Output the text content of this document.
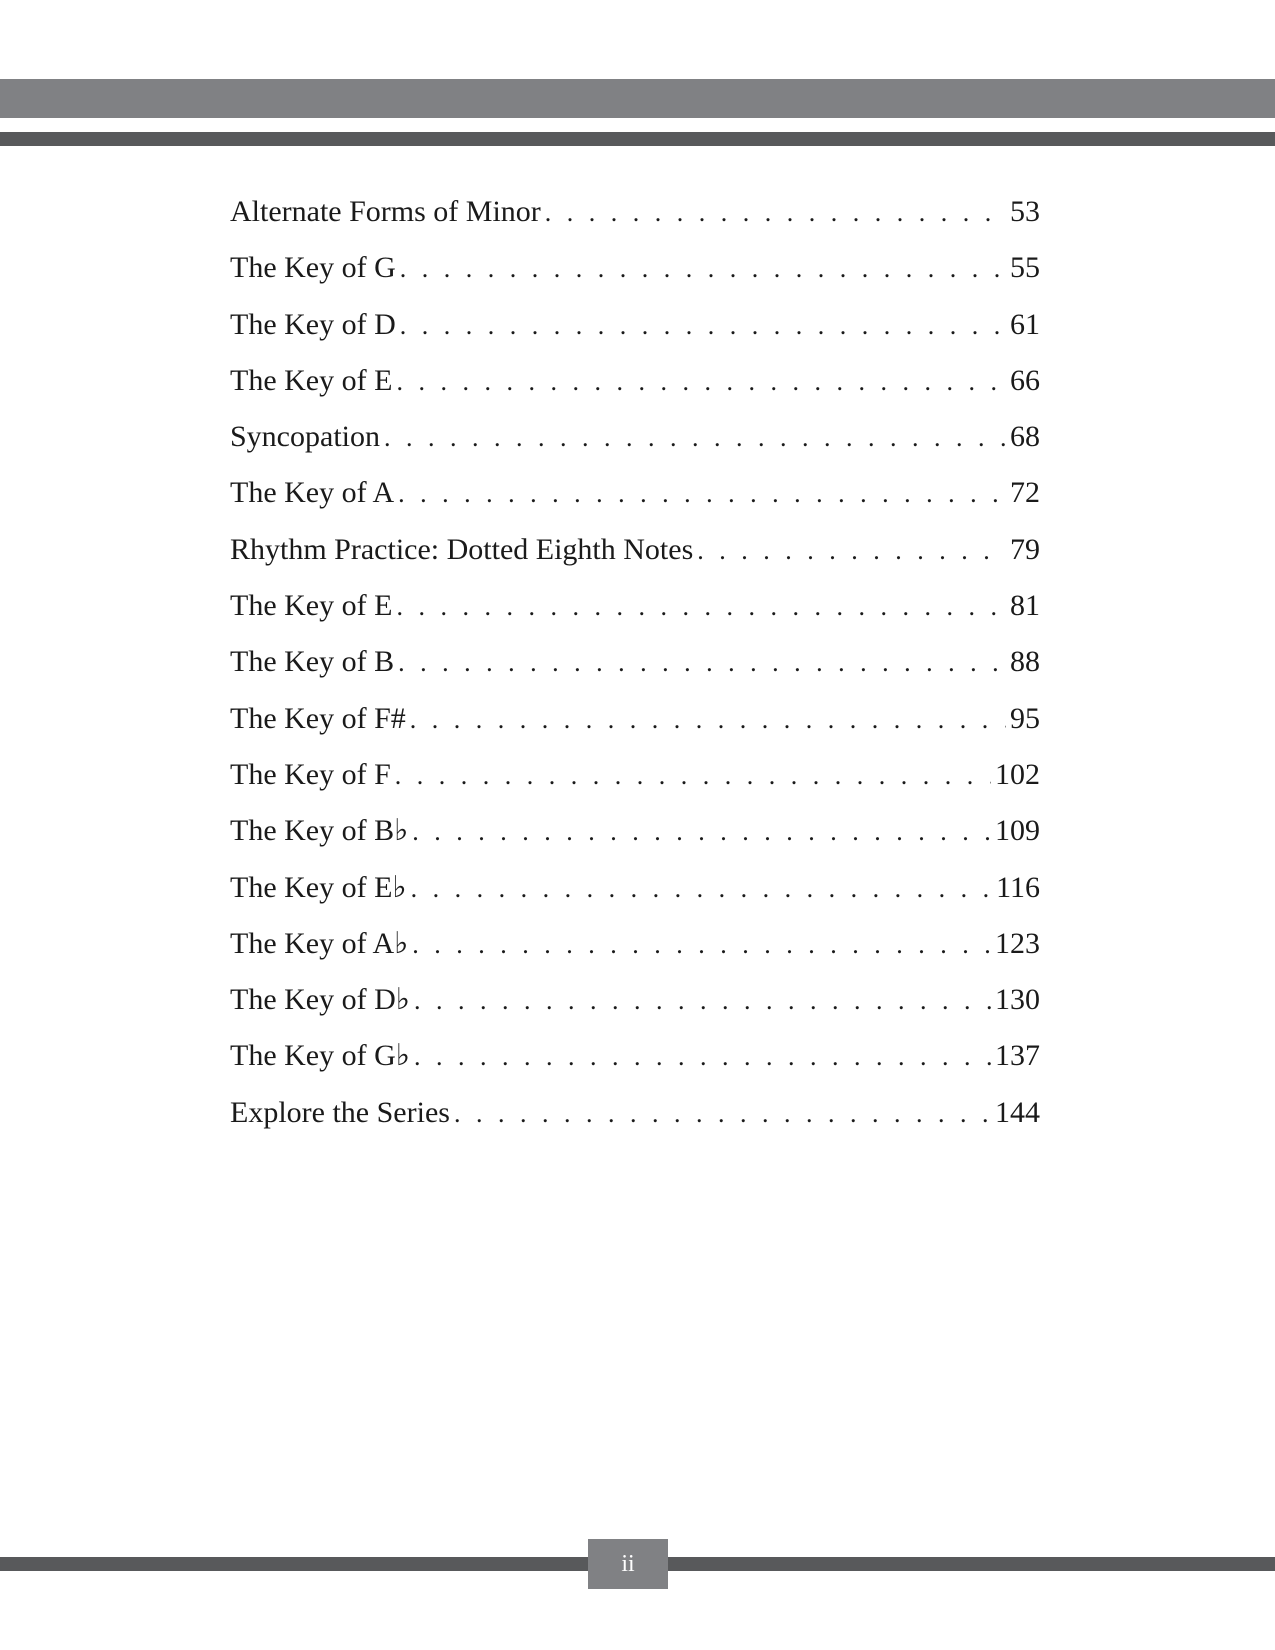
Alternate Forms of Minor . . .	53
The Key of G . . .	55
The Key of D . . .	61
The Key of E . . .	66
Syncopation . . .	68
The Key of A . . .	72
Rhythm Practice: Dotted Eighth Notes . . .	79
The Key of E . . .	81
The Key of B . . .	88
The Key of F# . . .	95
The Key of F . . .	102
The Key of B♭ . . .	109
The Key of E♭ . . .	116
The Key of A♭ . . .	123
The Key of D♭ . . .	130
The Key of G♭ . . .	137
Explore the Series . . .	144
ii
